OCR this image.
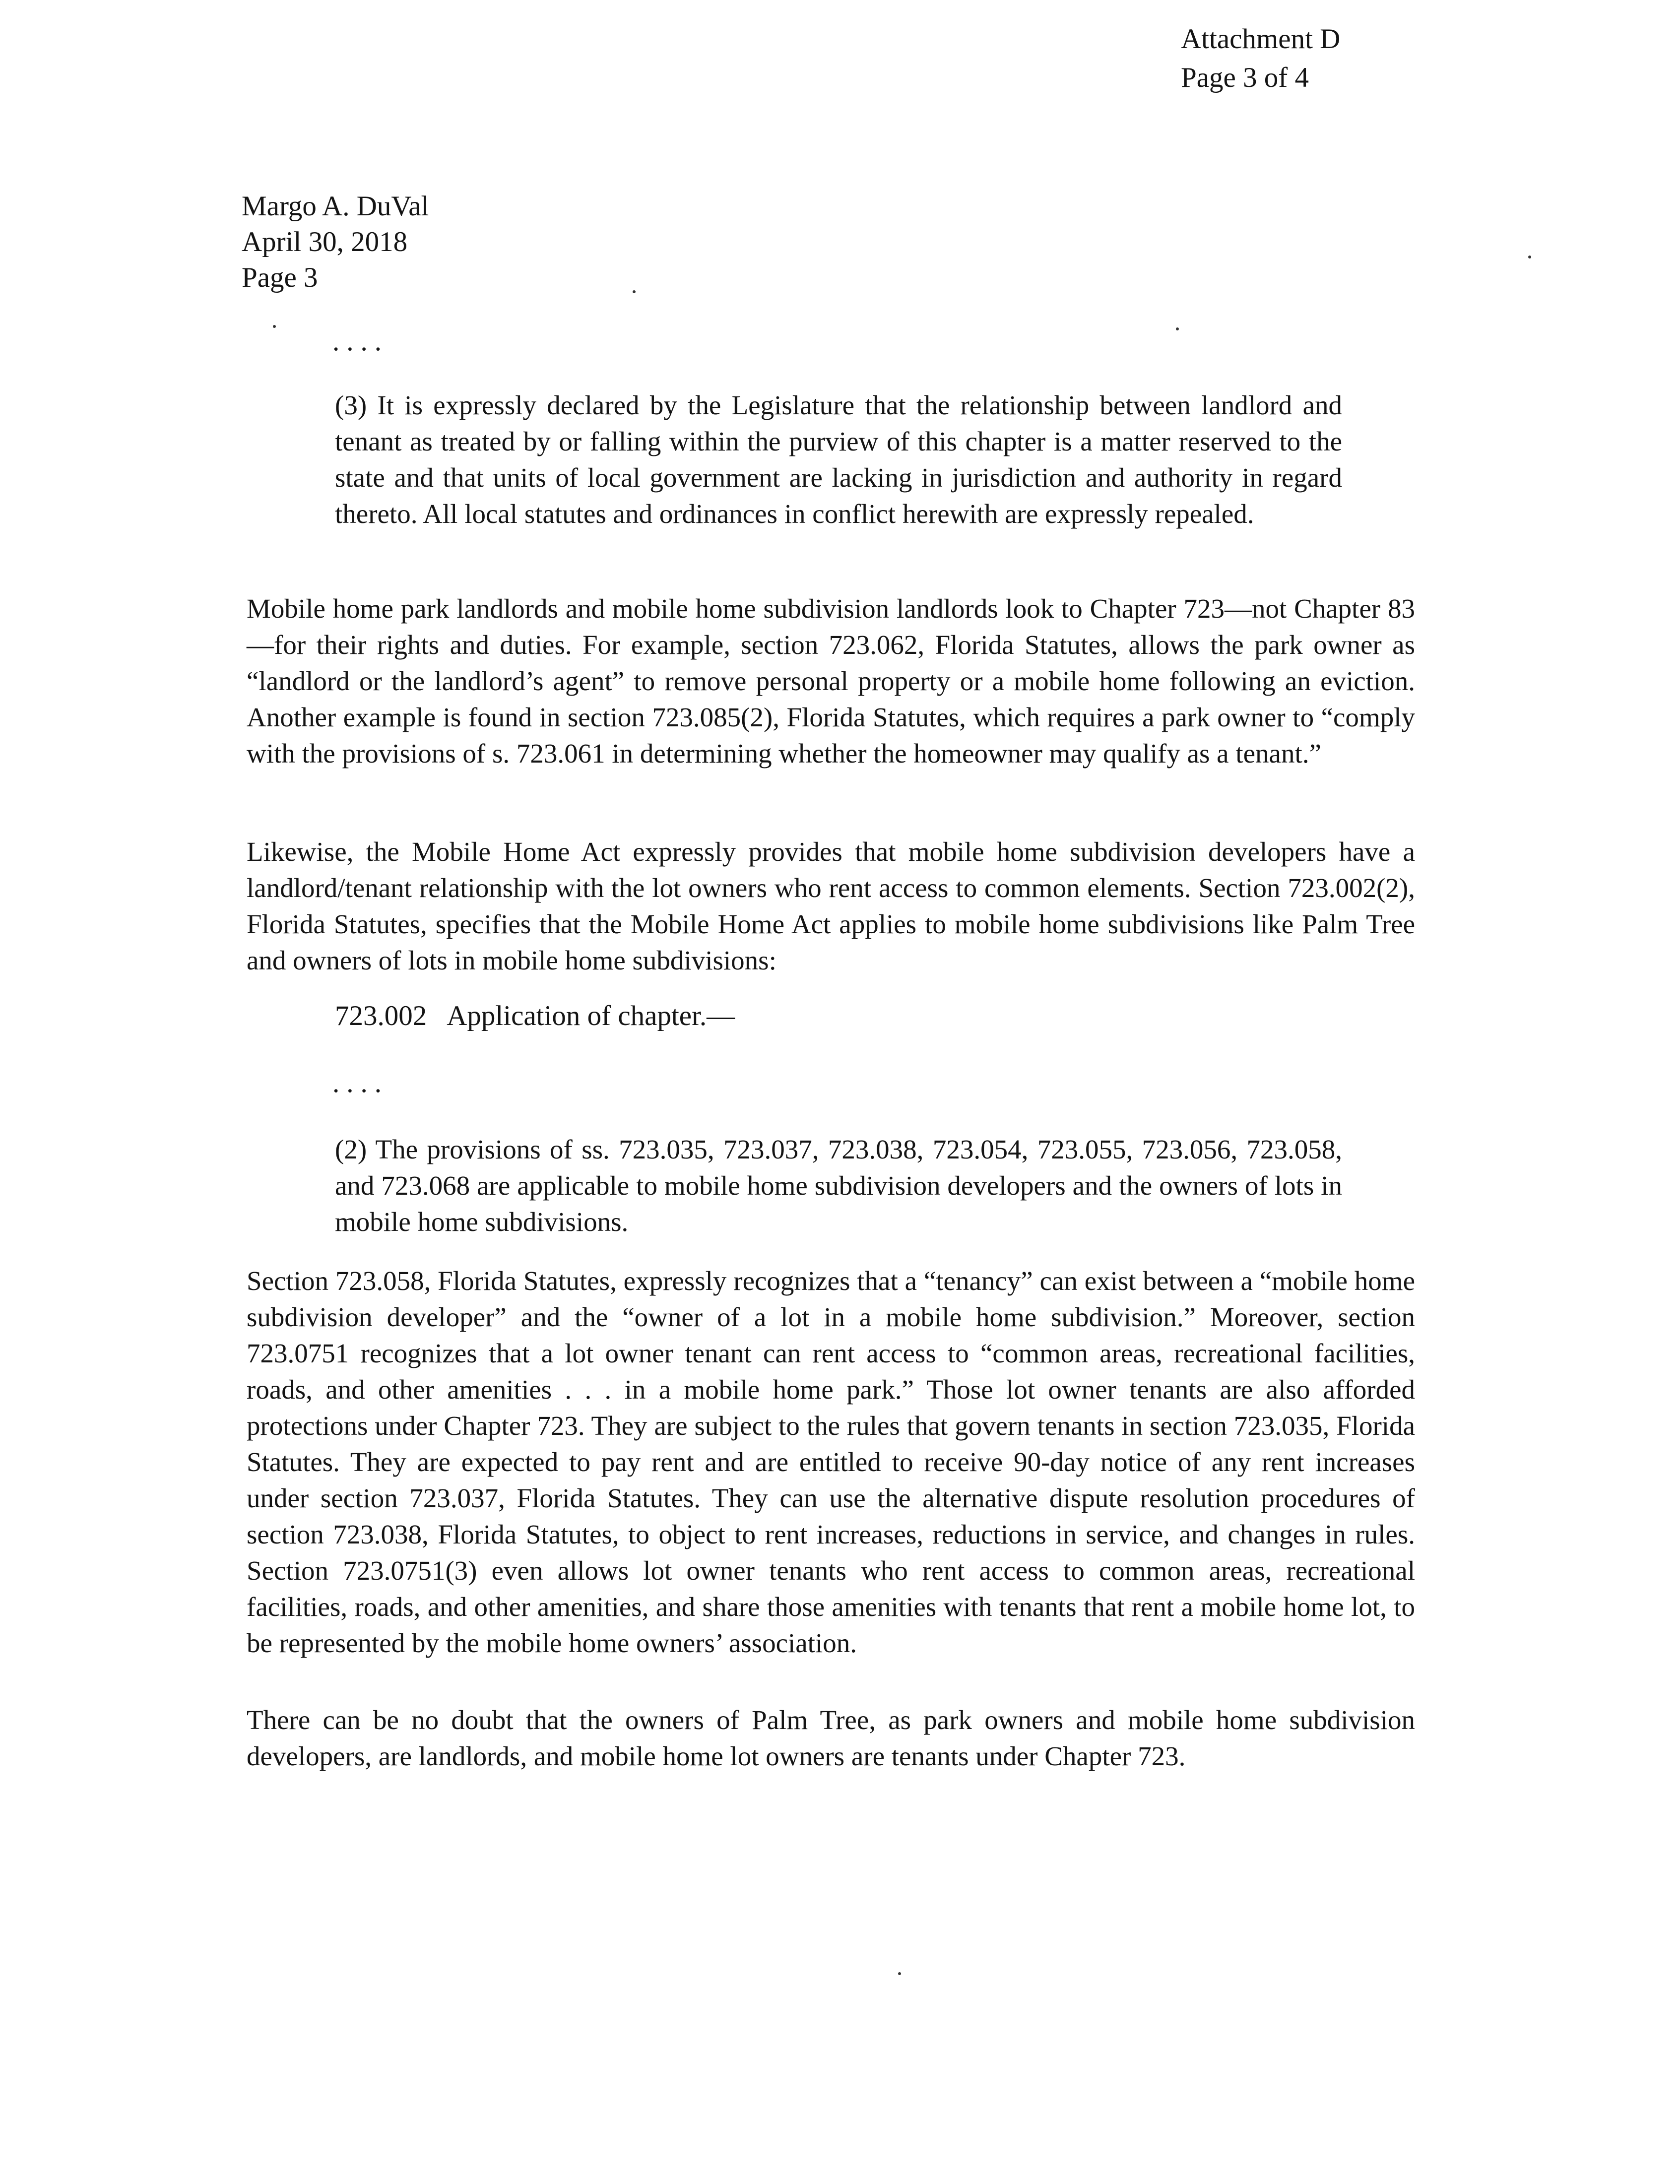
Attachment D
Page 3 of 4
Margo A. DuVal
April 30, 2018
Page 3
....

(3) It is expressly declared by the Legislature that the relationship between landlord and tenant as treated by or falling within the purview of this chapter is a matter reserved to the state and that units of local government are lacking in jurisdiction and authority in regard thereto. All local statutes and ordinances in conflict herewith are expressly repealed.

Mobile home park landlords and mobile home subdivision landlords look to Chapter 723—not Chapter 83—for their rights and duties. For example, section 723.062, Florida Statutes, allows the park owner as “landlord or the landlord’s agent” to remove personal property or a mobile home following an eviction. Another example is found in section 723.085(2), Florida Statutes, which requires a park owner to “comply with the provisions of s. 723.061 in determining whether the homeowner may qualify as a tenant.”

Likewise, the Mobile Home Act expressly provides that mobile home subdivision developers have a landlord/tenant relationship with the lot owners who rent access to common elements. Section 723.002(2), Florida Statutes, specifies that the Mobile Home Act applies to mobile home subdivisions like Palm Tree and owners of lots in mobile home subdivisions:

723.002 Application of chapter.—
....

(2) The provisions of ss. 723.035, 723.037, 723.038, 723.054, 723.055, 723.056, 723.058, and 723.068 are applicable to mobile home subdivision developers and the owners of lots in mobile home subdivisions.

Section 723.058, Florida Statutes, expressly recognizes that a “tenancy” can exist between a “mobile home subdivision developer” and the “owner of a lot in a mobile home subdivision.” Moreover, section 723.0751 recognizes that a lot owner tenant can rent access to “common areas, recreational facilities, roads, and other amenities . . . in a mobile home park.” Those lot owner tenants are also afforded protections under Chapter 723. They are subject to the rules that govern tenants in section 723.035, Florida Statutes. They are expected to pay rent and are entitled to receive 90-day notice of any rent increases under section 723.037, Florida Statutes. They can use the alternative dispute resolution procedures of section 723.038, Florida Statutes, to object to rent increases, reductions in service, and changes in rules. Section 723.0751(3) even allows lot owner tenants who rent access to common areas, recreational facilities, roads, and other amenities, and share those amenities with tenants that rent a mobile home lot, to be represented by the mobile home owners’ association.

There can be no doubt that the owners of Palm Tree, as park owners and mobile home subdivision developers, are landlords, and mobile home lot owners are tenants under Chapter 723.
